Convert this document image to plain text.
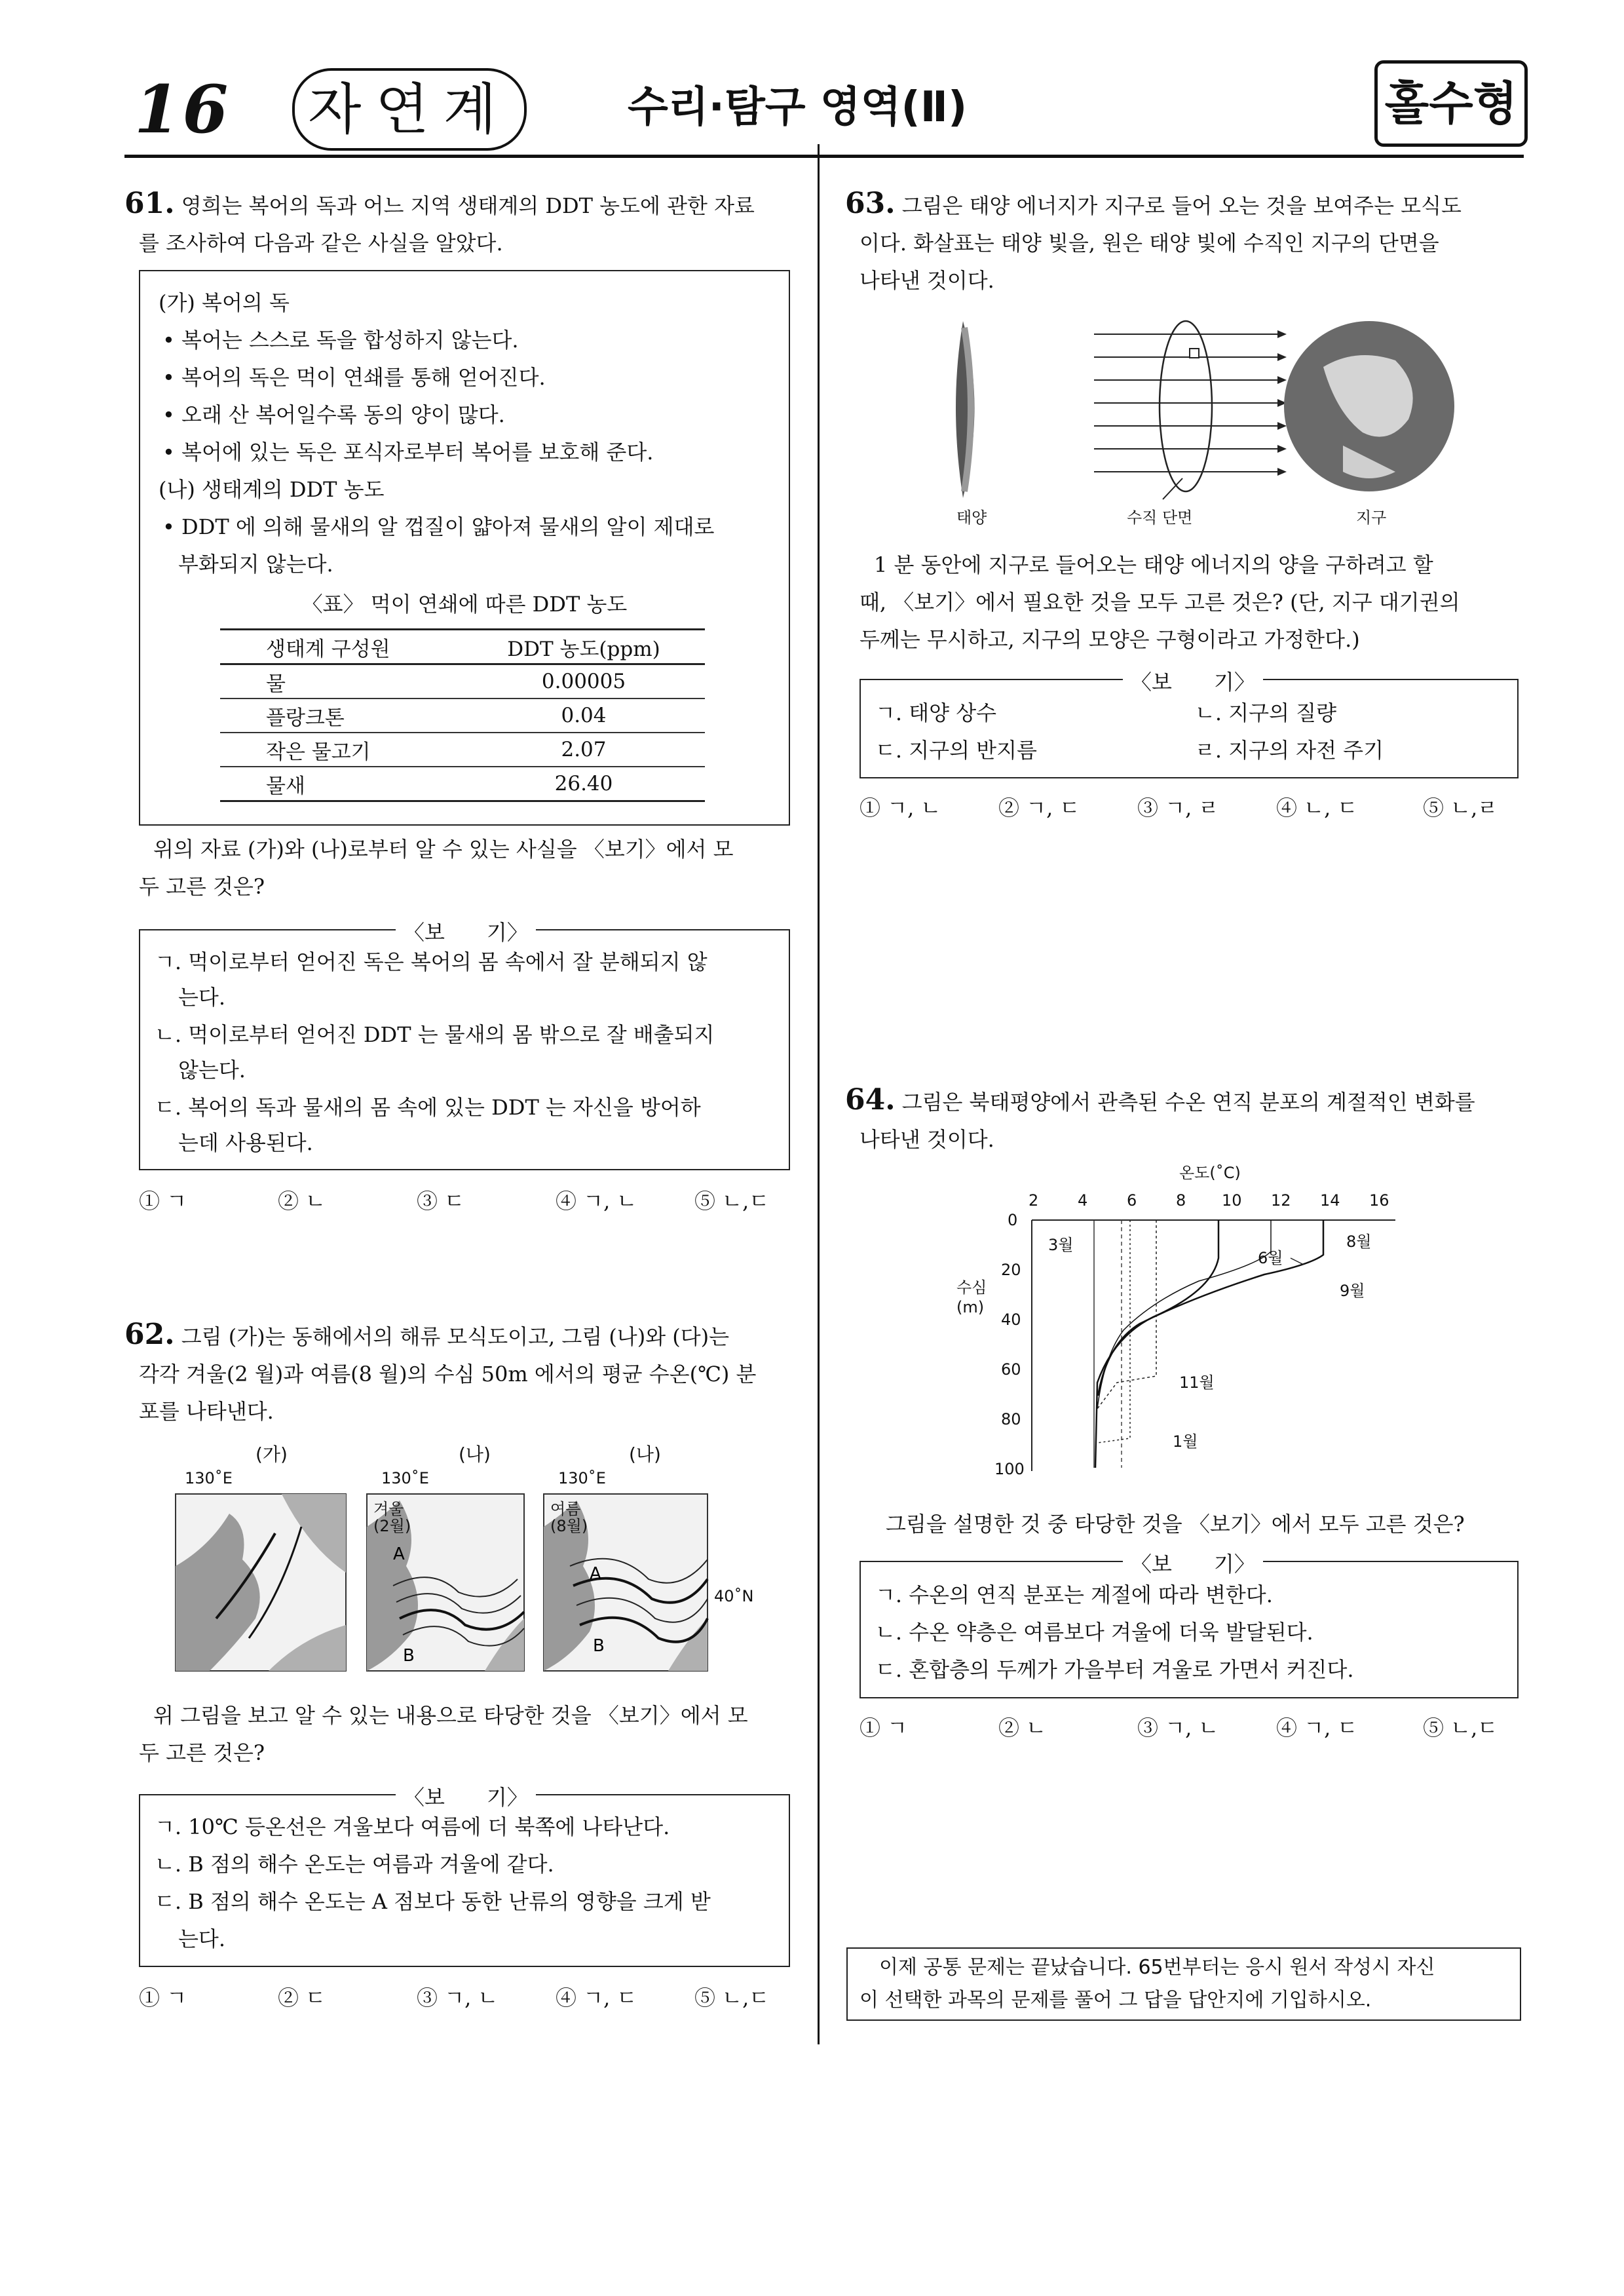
16 자연계	수리·탐구 영역(Ⅱ)	홀수형
61. 영희는 복어의 독과 어느 지역 생태계의 DDT 농도에 관한 자료
를 조사하여 다음과 같은 사실을 알았다.
(가) 복어의 독
• 복어는 스스로 독을 합성하지 않는다.
• 복어의 독은 먹이 연쇄를 통해 얻어진다.
• 오래 산 복어일수록 동의 양이 많다.
• 복어에 있는 독은 포식자로부터 복어를 보호해 준다.
(나) 생태계의 DDT 농도
• DDT 에 의해 물새의 알 껍질이 얇아져 물새의 알이 제대로
부화되지 않는다.
〈표〉 먹이 연쇄에 따른 DDT 농도
생태계 구성원	DDT 농도(ppm)
물	0.00005
플랑크톤	0.04
작은 물고기	2.07
물새	26.40
위의 자료 (가)와 (나)로부터 알 수 있는 사실을 〈보기〉에서 모
두 고른 것은?
〈보　　기〉
ㄱ. 먹이로부터 얻어진 독은 복어의 몸 속에서 잘 분해되지 않
는다.
ㄴ. 먹이로부터 얻어진 DDT 는 물새의 몸 밖으로 잘 배출되지
않는다.
ㄷ. 복어의 독과 물새의 몸 속에 있는 DDT 는 자신을 방어하
는데 사용된다.
① ㄱ	② ㄴ	③ ㄷ	④ ㄱ, ㄴ	⑤ ㄴ,ㄷ
62. 그림 (가)는 동해에서의 해류 모식도이고, 그림 (나)와 (다)는
각각 겨울(2 월)과 여름(8 월)의 수심 50m 에서의 평균 수온(℃) 분
포를 나타낸다.
(가)	(나)	(나)
130˚E	130˚E	130˚E
A
B
A
B
겨울
(2월)
여름
(8월)
40˚N
위 그림을 보고 알 수 있는 내용으로 타당한 것을 〈보기〉에서 모
두 고른 것은?
〈보　　기〉
ㄱ. 10℃ 등온선은 겨울보다 여름에 더 북쪽에 나타난다.
ㄴ. B 점의 해수 온도는 여름과 겨울에 같다.
ㄷ. B 점의 해수 온도는 A 점보다 동한 난류의 영향을 크게 받
는다.
① ㄱ	② ㄷ	③ ㄱ, ㄴ	④ ㄱ, ㄷ	⑤ ㄴ,ㄷ
63. 그림은 태양 에너지가 지구로 들어 오는 것을 보여주는 모식도
이다. 화살표는 태양 빛을, 원은 태양 빛에 수직인 지구의 단면을
나타낸 것이다.
태양	수직 단면	지구
1 분 동안에 지구로 들어오는 태양 에너지의 양을 구하려고 할
때, 〈보기〉에서 필요한 것을 모두 고른 것은? (단, 지구 대기권의
두께는 무시하고, 지구의 모양은 구형이라고 가정한다.)
〈보　　기〉
ㄱ. 태양 상수	ㄴ. 지구의 질량
ㄷ. 지구의 반지름	ㄹ. 지구의 자전 주기
① ㄱ, ㄴ	② ㄱ, ㄷ	③ ㄱ, ㄹ	④ ㄴ, ㄷ	⑤ ㄴ,ㄹ
64. 그림은 북태평양에서 관측된 수온 연직 분포의 계절적인 변화를
나타낸 것이다.
온도(˚C)
2 4 6 8 10 12 14 16
0
20
40
60
80
100
수심
(m)
3월
6월
8월
9월
11월
1월
그림을 설명한 것 중 타당한 것을 〈보기〉에서 모두 고른 것은?
〈보　　기〉
ㄱ. 수온의 연직 분포는 계절에 따라 변한다.
ㄴ. 수온 약층은 여름보다 겨울에 더욱 발달된다.
ㄷ. 혼합층의 두께가 가을부터 겨울로 가면서 커진다.
① ㄱ	② ㄴ	③ ㄱ, ㄴ	④ ㄱ, ㄷ	⑤ ㄴ,ㄷ
이제 공통 문제는 끝났습니다. 65번부터는 응시 원서 작성시 자신
이 선택한 과목의 문제를 풀어 그 답을 답안지에 기입하시오.
